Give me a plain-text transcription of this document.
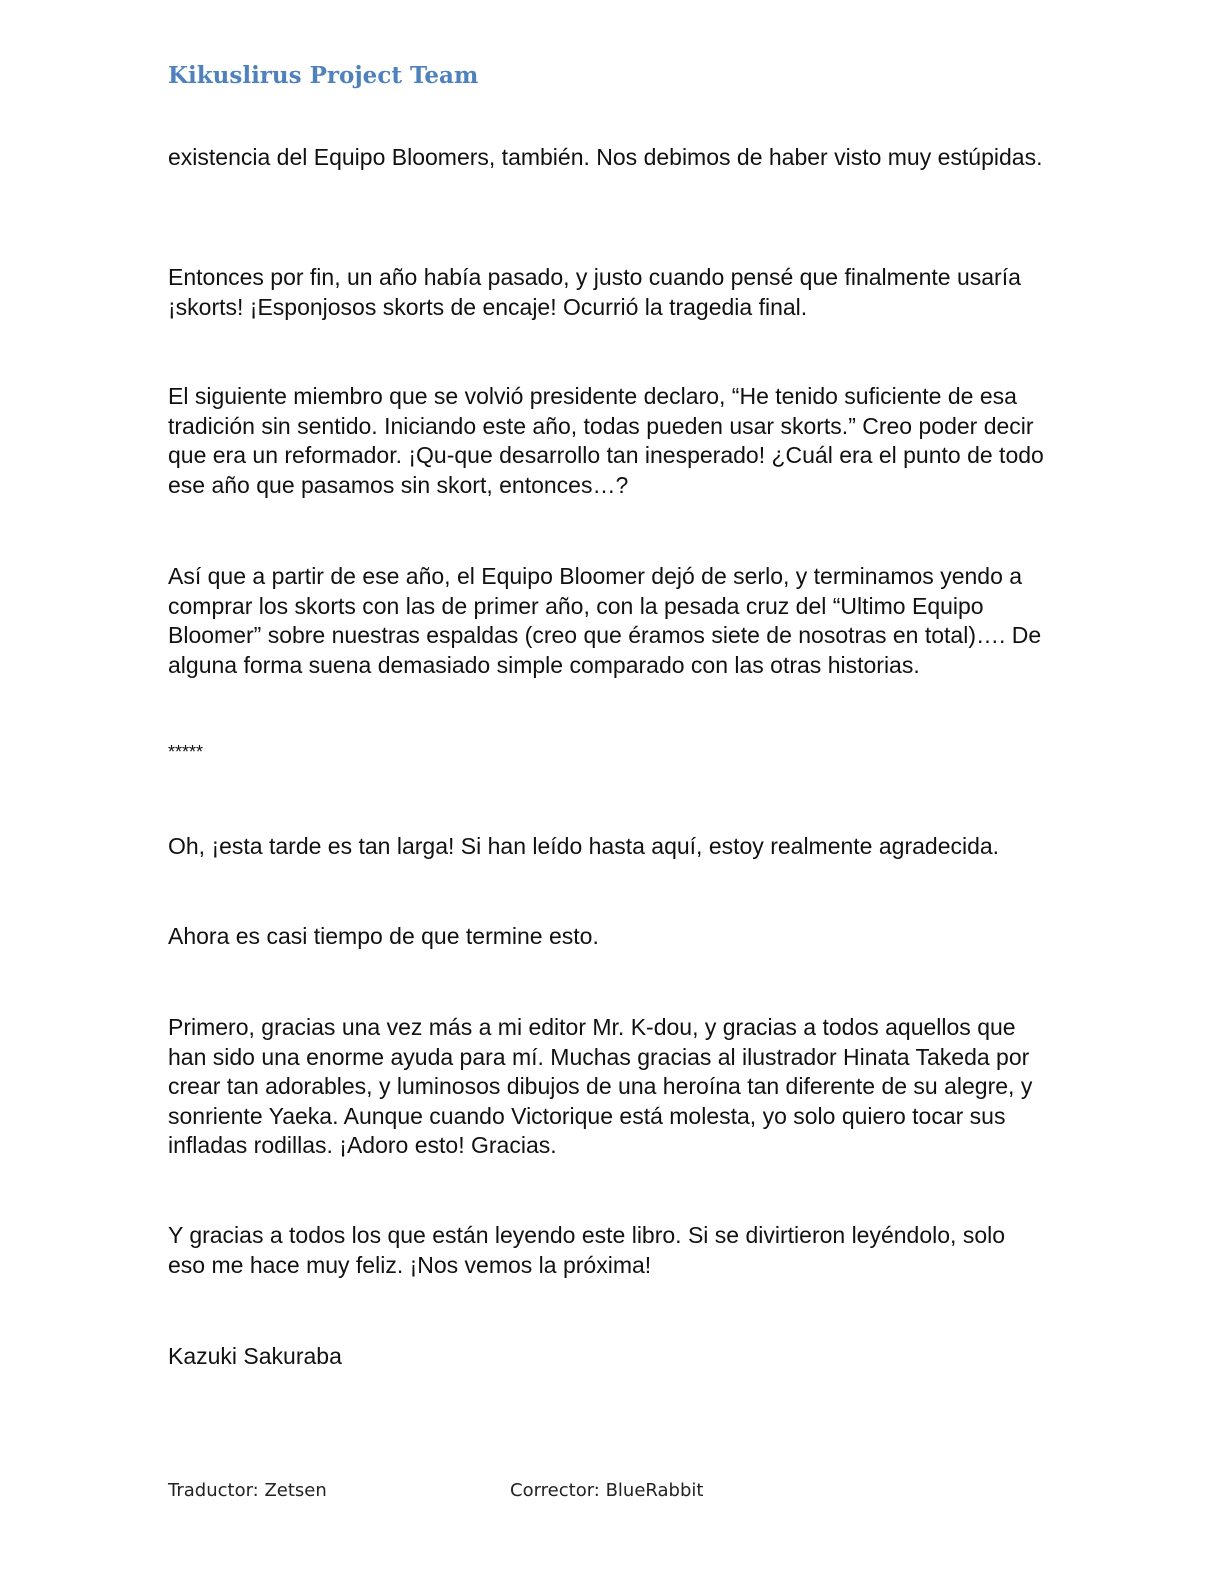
Kikuslirus Project Team

existencia del Equipo Bloomers, también. Nos debimos de haber visto muy estúpidas.

Entonces por fin, un año había pasado, y justo cuando pensé que finalmente usaría ¡skorts! ¡Esponjosos skorts de encaje! Ocurrió la tragedia final.

El siguiente miembro que se volvió presidente declaro, “He tenido suficiente de esa tradición sin sentido. Iniciando este año, todas pueden usar skorts.” Creo poder decir que era un reformador. ¡Qu-que desarrollo tan inesperado! ¿Cuál era el punto de todo ese año que pasamos sin skort, entonces…?

Así que a partir de ese año, el Equipo Bloomer dejó de serlo, y terminamos yendo a comprar los skorts con las de primer año, con la pesada cruz del “Ultimo Equipo Bloomer” sobre nuestras espaldas (creo que éramos siete de nosotras en total)…. De alguna forma suena demasiado simple comparado con las otras historias.

*****

Oh, ¡esta tarde es tan larga! Si han leído hasta aquí, estoy realmente agradecida.

Ahora es casi tiempo de que termine esto.

Primero, gracias una vez más a mi editor Mr. K-dou, y gracias a todos aquellos que han sido una enorme ayuda para mí. Muchas gracias al ilustrador Hinata Takeda por crear tan adorables, y luminosos dibujos de una heroína tan diferente de su alegre, y sonriente Yaeka. Aunque cuando Victorique está molesta, yo solo quiero tocar sus infladas rodillas. ¡Adoro esto! Gracias.

Y gracias a todos los que están leyendo este libro. Si se divirtieron leyéndolo, solo eso me hace muy feliz. ¡Nos vemos la próxima!

Kazuki Sakuraba

Traductor: Zetsen	Corrector: BlueRabbit
